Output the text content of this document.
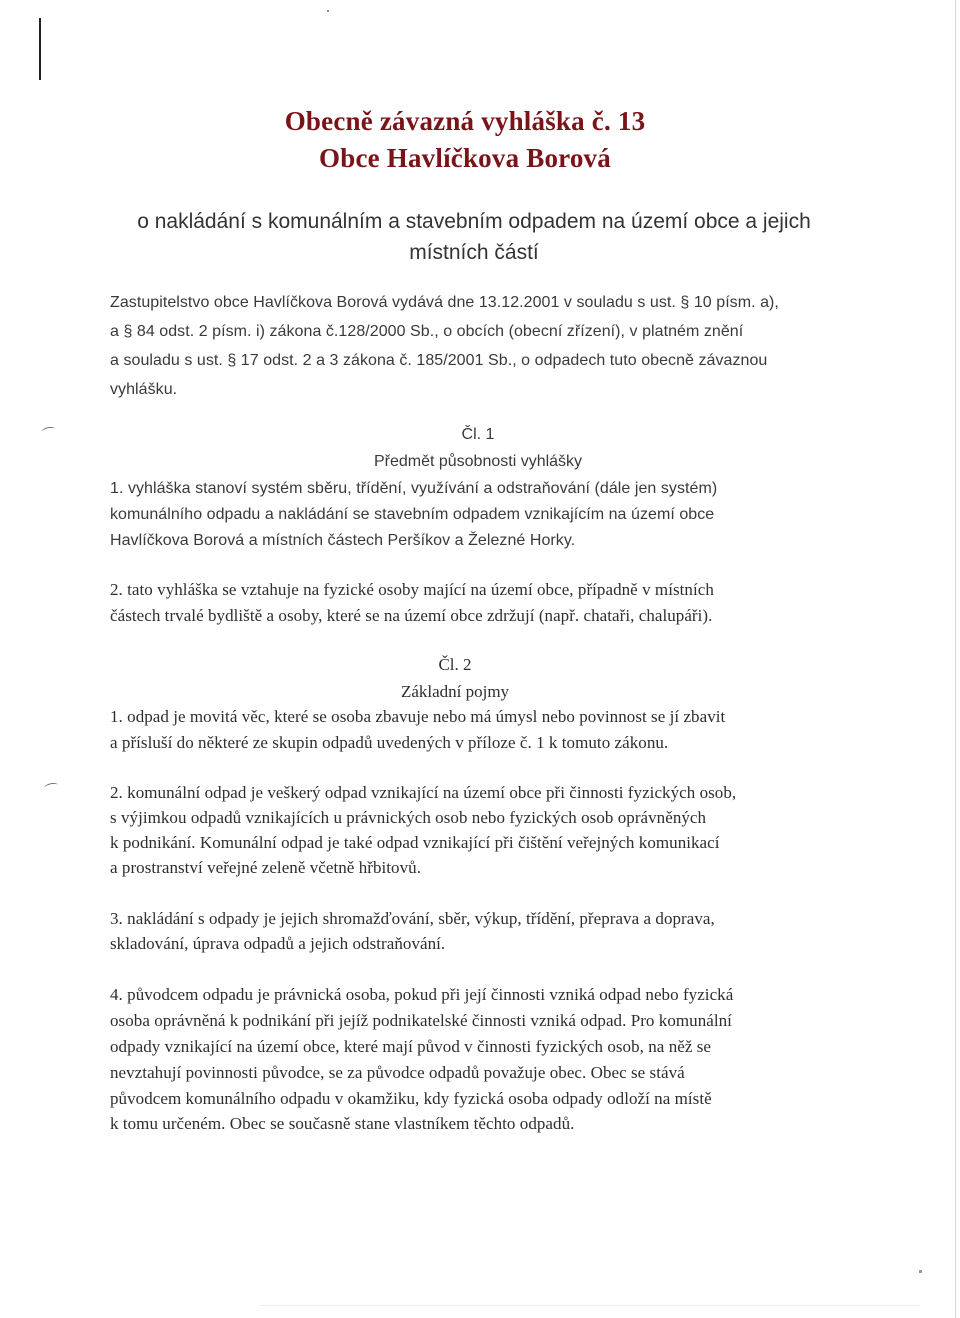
⌒
⌒
Obecně závazná vyhláška č. 13
Obce Havlíčkova Borová
o nakládání s komunálním a stavebním odpadem na území obce a jejich
místních částí
Zastupitelstvo obce Havlíčkova Borová vydává dne 13.12.2001 v souladu s ust. § 10 písm. a),
a § 84 odst. 2 písm. i) zákona č.128/2000 Sb., o obcích (obecní zřízení), v platném znění
a souladu s ust. § 17 odst. 2 a 3 zákona č. 185/2001 Sb., o odpadech tuto obecně závaznou
vyhlášku.
Čl. 1
Předmět působnosti vyhlášky
1. vyhláška stanoví systém sběru, třídění, využívání a odstraňování (dále jen systém)
komunálního odpadu a nakládání se stavebním odpadem vznikajícím na území obce
Havlíčkova Borová a místních částech Peršíkov a Železné Horky.
2. tato vyhláška se vztahuje na fyzické osoby mající na území obce, případně v místních
částech trvalé bydliště a osoby, které se na území obce zdržují (např. chataři, chalupáři).
Čl. 2
Základní pojmy
1. odpad je movitá věc, které se osoba zbavuje nebo má úmysl nebo povinnost se jí zbavit
a přísluší do některé ze skupin odpadů uvedených v příloze č. 1 k tomuto zákonu.
2. komunální odpad je veškerý odpad vznikající na území obce při činnosti fyzických osob,
s výjimkou odpadů vznikajících u právnických osob nebo fyzických osob oprávněných
k podnikání. Komunální odpad je také odpad vznikající při čištění veřejných komunikací
a prostranství veřejné zeleně včetně hřbitovů.
3. nakládání s odpady je jejich shromažďování, sběr, výkup, třídění, přeprava a doprava,
skladování, úprava odpadů a jejich odstraňování.
4. původcem odpadu je právnická osoba, pokud při její činnosti vzniká odpad nebo fyzická
osoba oprávněná k podnikání při jejíž podnikatelské činnosti vzniká odpad. Pro komunální
odpady vznikající na území obce, které mají původ v činnosti fyzických osob, na něž se
nevztahují povinnosti původce, se za původce odpadů považuje obec. Obec se stává
původcem komunálního odpadu v okamžiku, kdy fyzická osoba odpady odloží na místě
k tomu určeném. Obec se současně stane vlastníkem těchto odpadů.
